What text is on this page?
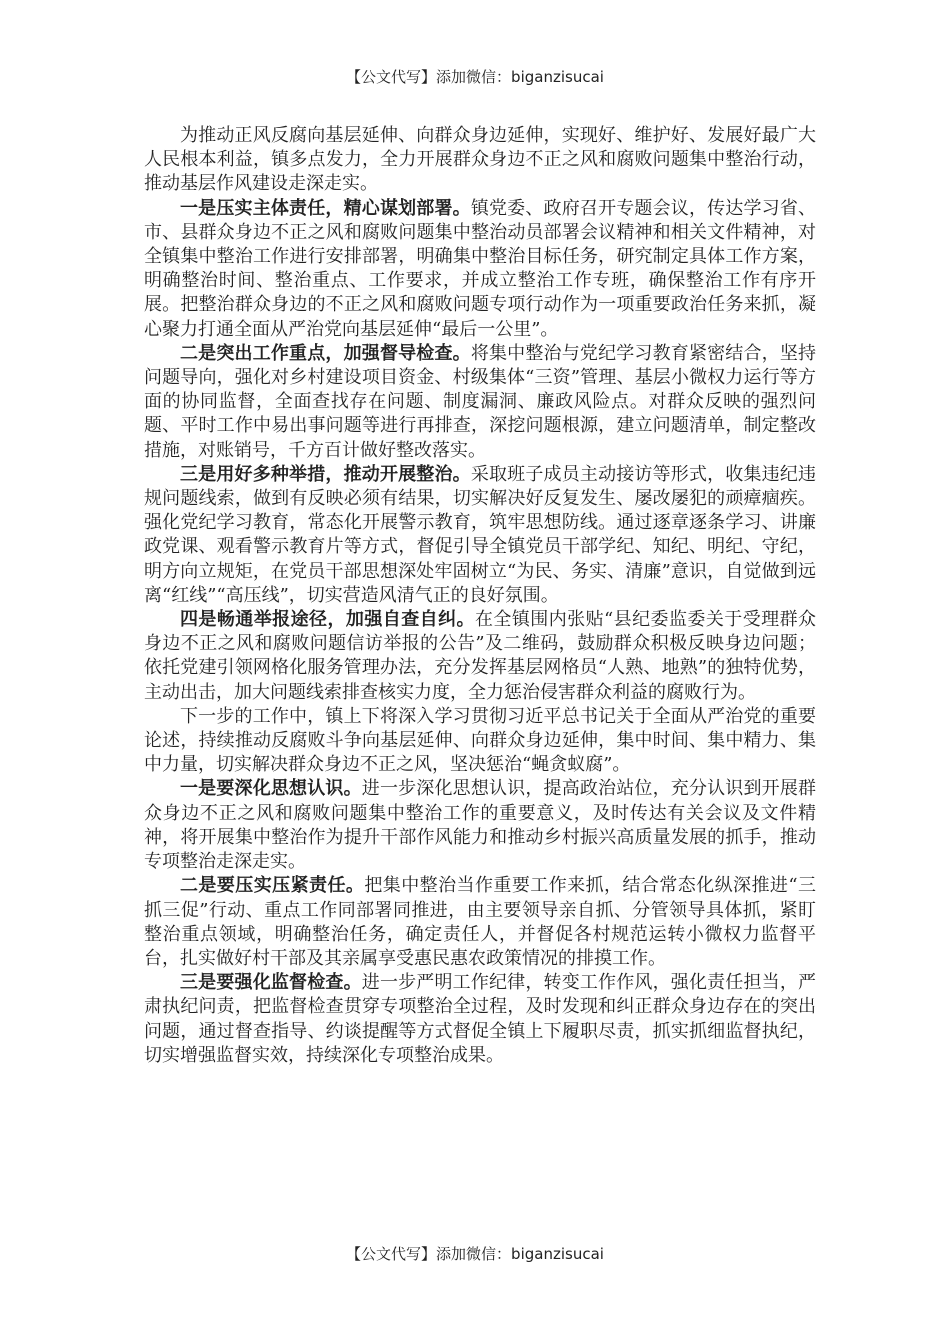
【公文代写】添加微信：biganzisucai

为推动正风反腐向基层延伸、向群众身边延伸，实现好、维护好、发展好最广大人民根本利益，镇多点发力，全力开展群众身边不正之风和腐败问题集中整治行动，推动基层作风建设走深走实。

一是压实主体责任，精心谋划部署。镇党委、政府召开专题会议，传达学习省、市、县群众身边不正之风和腐败问题集中整治动员部署会议精神和相关文件精神，对全镇集中整治工作进行安排部署，明确集中整治目标任务，研究制定具体工作方案，明确整治时间、整治重点、工作要求，并成立整治工作专班，确保整治工作有序开展。把整治群众身边的不正之风和腐败问题专项行动作为一项重要政治任务来抓，凝心聚力打通全面从严治党向基层延伸“最后一公里”。

二是突出工作重点，加强督导检查。将集中整治与党纪学习教育紧密结合，坚持问题导向，强化对乡村建设项目资金、村级集体“三资”管理、基层小微权力运行等方面的协同监督，全面查找存在问题、制度漏洞、廉政风险点。对群众反映的强烈问题、平时工作中易出事问题等进行再排查，深挖问题根源，建立问题清单，制定整改措施，对账销号，千方百计做好整改落实。

三是用好多种举措，推动开展整治。采取班子成员主动接访等形式，收集违纪违规问题线索，做到有反映必须有结果，切实解决好反复发生、屡改屡犯的顽瘴痼疾。强化党纪学习教育，常态化开展警示教育，筑牢思想防线。通过逐章逐条学习、讲廉政党课、观看警示教育片等方式，督促引导全镇党员干部学纪、知纪、明纪、守纪，明方向立规矩，在党员干部思想深处牢固树立“为民、务实、清廉”意识，自觉做到远离“红线”“高压线”，切实营造风清气正的良好氛围。

四是畅通举报途径，加强自查自纠。在全镇围内张贴“县纪委监委关于受理群众身边不正之风和腐败问题信访举报的公告”及二维码，鼓励群众积极反映身边问题；依托党建引领网格化服务管理办法，充分发挥基层网格员“人熟、地熟”的独特优势，主动出击，加大问题线索排查核实力度，全力惩治侵害群众利益的腐败行为。

下一步的工作中，镇上下将深入学习贯彻习近平总书记关于全面从严治党的重要论述，持续推动反腐败斗争向基层延伸、向群众身边延伸，集中时间、集中精力、集中力量，切实解决群众身边不正之风，坚决惩治“蝇贪蚁腐”。

一是要深化思想认识。进一步深化思想认识，提高政治站位，充分认识到开展群众身边不正之风和腐败问题集中整治工作的重要意义，及时传达有关会议及文件精神，将开展集中整治作为提升干部作风能力和推动乡村振兴高质量发展的抓手，推动专项整治走深走实。

二是要压实压紧责任。把集中整治当作重要工作来抓，结合常态化纵深推进“三抓三促”行动、重点工作同部署同推进，由主要领导亲自抓、分管领导具体抓，紧盯整治重点领域，明确整治任务，确定责任人，并督促各村规范运转小微权力监督平台，扎实做好村干部及其亲属享受惠民惠农政策情况的排摸工作。

三是要强化监督检查。进一步严明工作纪律，转变工作作风，强化责任担当，严肃执纪问责，把监督检查贯穿专项整治全过程，及时发现和纠正群众身边存在的突出问题，通过督查指导、约谈提醒等方式督促全镇上下履职尽责，抓实抓细监督执纪，切实增强监督实效，持续深化专项整治成果。

【公文代写】添加微信：biganzisucai
